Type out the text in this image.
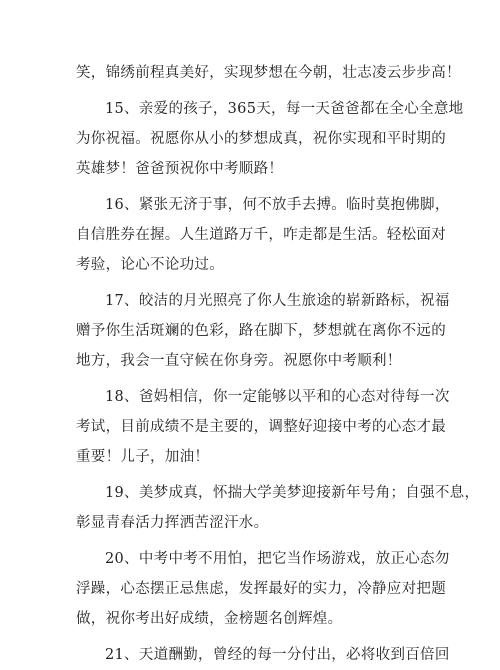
笑，锦绣前程真美好，实现梦想在今朝，壮志凌云步步高！
15、亲爱的孩子，365天，每一天爸爸都在全心全意地
为你祝福。祝愿你从小的梦想成真，祝你实现和平时期的
英雄梦！爸爸预祝你中考顺路！
16、紧张无济于事，何不放手去搏。临时莫抱佛脚，
自信胜券在握。人生道路万千，咋走都是生活。轻松面对
考验，论心不论功过。
17、皎洁的月光照亮了你人生旅途的崭新路标，祝福
赠予你生活斑斓的色彩，路在脚下，梦想就在离你不远的
地方，我会一直守候在你身旁。祝愿你中考顺利！
18、爸妈相信，你一定能够以平和的心态对待每一次
考试，目前成绩不是主要的，调整好迎接中考的心态才最
重要！儿子，加油！
19、美梦成真，怀揣大学美梦迎接新年号角；自强不息，
彰显青春活力挥洒苦涩汗水。
20、中考中考不用怕，把它当作场游戏，放正心态勿
浮躁，心态摆正忌焦虑，发挥最好的实力，冷静应对把题
做，祝你考出好成绩，金榜题名创辉煌。
21、天道酬勤，曾经的每一分付出，必将收到百倍回
